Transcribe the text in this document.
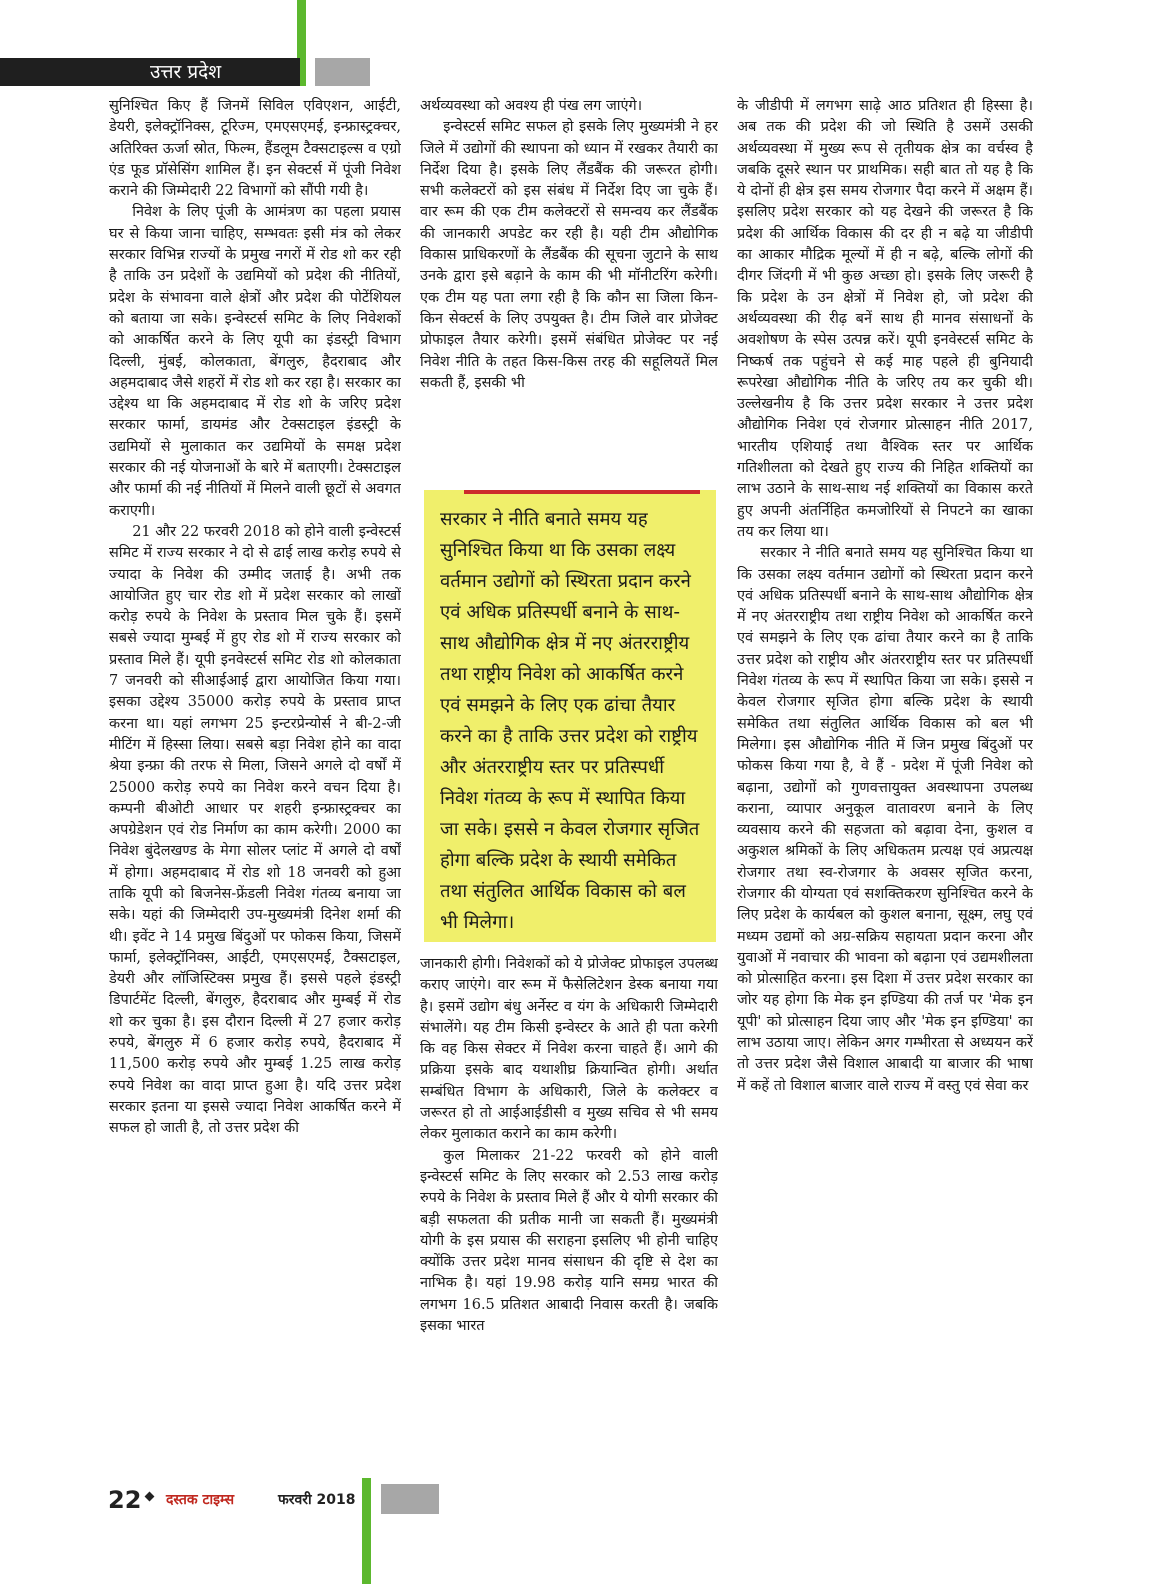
उत्तर प्रदेश

सुनिश्चित किए हैं जिनमें सिविल एविएशन, आईटी, डेयरी, इलेक्ट्रॉनिक्स, टूरिज्म, एमएसएमई, इन्फ्रास्ट्रक्चर, अतिरिक्त ऊर्जा स्रोत, फिल्म, हैंडलूम टैक्सटाइल्स व एग्रो एंड फूड प्रॉसेसिंग शामिल हैं। इन सेक्टर्स में पूंजी निवेश कराने की जिम्मेदारी 22 विभागों को सौंपी गयी है।

निवेश के लिए पूंजी के आमंत्रण का पहला प्रयास घर से किया जाना चाहिए, सम्भवतः इसी मंत्र को लेकर सरकार विभिन्न राज्यों के प्रमुख नगरों में रोड शो कर रही है ताकि उन प्रदेशों के उद्यमियों को प्रदेश की नीतियों, प्रदेश के संभावना वाले क्षेत्रों और प्रदेश की पोटेंशियल को बताया जा सके। इन्वेस्टर्स समिट के लिए निवेशकों को आकर्षित करने के लिए यूपी का इंडस्ट्री विभाग दिल्ली, मुंबई, कोलकाता, बेंगलुरु, हैदराबाद और अहमदाबाद जैसे शहरों में रोड शो कर रहा है। सरकार का उद्देश्य था कि अहमदाबाद में रोड शो के जरिए प्रदेश सरकार फार्मा, डायमंड और टेक्सटाइल इंडस्ट्री के उद्यमियों से मुलाकात कर उद्यमियों के समक्ष प्रदेश सरकार की नई योजनाओं के बारे में बताएगी। टेक्सटाइल और फार्मा की नई नीतियों में मिलने वाली छूटों से अवगत कराएगी।

21 और 22 फरवरी 2018 को होने वाली इन्वेस्टर्स समिट में राज्य सरकार ने दो से ढाई लाख करोड़ रुपये से ज्यादा के निवेश की उम्मीद जताई है। अभी तक आयोजित हुए चार रोड शो में प्रदेश सरकार को लाखों करोड़ रुपये के निवेश के प्रस्ताव मिल चुके हैं। इसमें सबसे ज्यादा मुम्बई में हुए रोड शो में राज्य सरकार को प्रस्ताव मिले हैं। यूपी इनवेस्टर्स समिट रोड शो कोलकाता 7 जनवरी को सीआईआई द्वारा आयोजित किया गया। इसका उद्देश्य 35000 करोड़ रुपये के प्रस्ताव प्राप्त करना था। यहां लगभग 25 इन्टरप्रेन्योर्स ने बी-2-जी मीटिंग में हिस्सा लिया। सबसे बड़ा निवेश होने का वादा श्रेया इन्फ्रा की तरफ से मिला, जिसने अगले दो वर्षों में 25000 करोड़ रुपये का निवेश करने वचन दिया है। कम्पनी बीओटी आधार पर शहरी इन्फ्रास्ट्रक्चर का अपग्रेडेशन एवं रोड निर्माण का काम करेगी। 2000 का निवेश बुंदेलखण्ड के मेगा सोलर प्लांट में अगले दो वर्षों में होगा। अहमदाबाद में रोड शो 18 जनवरी को हुआ ताकि यूपी को बिजनेस-फ्रेंडली निवेश गंतव्य बनाया जा सके। यहां की जिम्मेदारी उप-मुख्यमंत्री दिनेश शर्मा की थी। इवेंट ने 14 प्रमुख बिंदुओं पर फोकस किया, जिसमें फार्मा, इलेक्ट्रॉनिक्स, आईटी, एमएसएमई, टैक्सटाइल, डेयरी और लॉजिस्टिक्स प्रमुख हैं। इससे पहले इंडस्ट्री डिपार्टमेंट दिल्ली, बेंगलुरु, हैदराबाद और मुम्बई में रोड शो कर चुका है। इस दौरान दिल्ली में 27 हजार करोड़ रुपये, बेंगलुरु में 6 हजार करोड़ रुपये, हैदराबाद में 11,500 करोड़ रुपये और मुम्बई 1.25 लाख करोड़ रुपये निवेश का वादा प्राप्त हुआ है। यदि उत्तर प्रदेश सरकार इतना या इससे ज्यादा निवेश आकर्षित करने में सफल हो जाती है, तो उत्तर प्रदेश की

अर्थव्यवस्था को अवश्य ही पंख लग जाएंगे।

इन्वेस्टर्स समिट सफल हो इसके लिए मुख्यमंत्री ने हर जिले में उद्योगों की स्थापना को ध्यान में रखकर तैयारी का निर्देश दिया है। इसके लिए लैंडबैंक की जरूरत होगी। सभी कलेक्टरों को इस संबंध में निर्देश दिए जा चुके हैं। वार रूम की एक टीम कलेक्टरों से समन्वय कर लैंडबैंक की जानकारी अपडेट कर रही है। यही टीम औद्योगिक विकास प्राधिकरणों के लैंडबैंक की सूचना जुटाने के साथ उनके द्वारा इसे बढ़ाने के काम की भी मॉनीटरिंग करेगी। एक टीम यह पता लगा रही है कि कौन सा जिला किन-किन सेक्टर्स के लिए उपयुक्त है। टीम जिले वार प्रोजेक्ट प्रोफाइल तैयार करेगी। इसमें संबंधित प्रोजेक्ट पर नई निवेश नीति के तहत किस-किस तरह की सहूलियतें मिल सकती हैं, इसकी भी

सरकार ने नीति बनाते समय यह सुनिश्चित किया था कि उसका लक्ष्य वर्तमान उद्योगों को स्थिरता प्रदान करने एवं अधिक प्रतिस्पर्धी बनाने के साथ-साथ औद्योगिक क्षेत्र में नए अंतरराष्ट्रीय तथा राष्ट्रीय निवेश को आकर्षित करने एवं समझने के लिए एक ढांचा तैयार करने का है ताकि उत्तर प्रदेश को राष्ट्रीय और अंतरराष्ट्रीय स्तर पर प्रतिस्पर्धी निवेश गंतव्य के रूप में स्थापित किया जा सके। इससे न केवल रोजगार सृजित होगा बल्कि प्रदेश के स्थायी समेकित तथा संतुलित आर्थिक विकास को बल भी मिलेगा।

जानकारी होगी। निवेशकों को ये प्रोजेक्ट प्रोफाइल उपलब्ध कराए जाएंगे। वार रूम में फैसेलिटेशन डेस्क बनाया गया है। इसमें उद्योग बंधु अर्नेस्ट व यंग के अधिकारी जिम्मेदारी संभालेंगे। यह टीम किसी इन्वेस्टर के आते ही पता करेगी कि वह किस सेक्टर में निवेश करना चाहते हैं। आगे की प्रक्रिया इसके बाद यथाशीघ्र क्रियान्वित होगी। अर्थात सम्बंधित विभाग के अधिकारी, जिले के कलेक्टर व जरूरत हो तो आईआईडीसी व मुख्य सचिव से भी समय लेकर मुलाकात कराने का काम करेगी।

कुल मिलाकर 21-22 फरवरी को होने वाली इन्वेस्टर्स समिट के लिए सरकार को 2.53 लाख करोड़ रुपये के निवेश के प्रस्ताव मिले हैं और ये योगी सरकार की बड़ी सफलता की प्रतीक मानी जा सकती हैं। मुख्यमंत्री योगी के इस प्रयास की सराहना इसलिए भी होनी चाहिए क्योंकि उत्तर प्रदेश मानव संसाधन की दृष्टि से देश का नाभिक है। यहां 19.98 करोड़ यानि समग्र भारत की लगभग 16.5 प्रतिशत आबादी निवास करती है। जबकि इसका भारत

के जीडीपी में लगभग साढ़े आठ प्रतिशत ही हिस्सा है। अब तक की प्रदेश की जो स्थिति है उसमें उसकी अर्थव्यवस्था में मुख्य रूप से तृतीयक क्षेत्र का वर्चस्व है जबकि दूसरे स्थान पर प्राथमिक। सही बात तो यह है कि ये दोनों ही क्षेत्र इस समय रोजगार पैदा करने में अक्षम हैं। इसलिए प्रदेश सरकार को यह देखने की जरूरत है कि प्रदेश की आर्थिक विकास की दर ही न बढ़े या जीडीपी का आकार मौद्रिक मूल्यों में ही न बढ़े, बल्कि लोगों की दीगर जिंदगी में भी कुछ अच्छा हो। इसके लिए जरूरी है कि प्रदेश के उन क्षेत्रों में निवेश हो, जो प्रदेश की अर्थव्यवस्था की रीढ़ बनें साथ ही मानव संसाधनों के अवशोषण के स्पेस उत्पन्न करें। यूपी इनवेस्टर्स समिट के निष्कर्ष तक पहुंचने से कई माह पहले ही बुनियादी रूपरेखा औद्योगिक नीति के जरिए तय कर चुकी थी। उल्लेखनीय है कि उत्तर प्रदेश सरकार ने उत्तर प्रदेश औद्योगिक निवेश एवं रोजगार प्रोत्साहन नीति 2017, भारतीय एशियाई तथा वैश्विक स्तर पर आर्थिक गतिशीलता को देखते हुए राज्य की निहित शक्तियों का लाभ उठाने के साथ-साथ नई शक्तियों का विकास करते हुए अपनी अंतर्निहित कमजोरियों से निपटने का खाका तय कर लिया था।

सरकार ने नीति बनाते समय यह सुनिश्चित किया था कि उसका लक्ष्य वर्तमान उद्योगों को स्थिरता प्रदान करने एवं अधिक प्रतिस्पर्धी बनाने के साथ-साथ औद्योगिक क्षेत्र में नए अंतरराष्ट्रीय तथा राष्ट्रीय निवेश को आकर्षित करने एवं समझने के लिए एक ढांचा तैयार करने का है ताकि उत्तर प्रदेश को राष्ट्रीय और अंतरराष्ट्रीय स्तर पर प्रतिस्पर्धी निवेश गंतव्य के रूप में स्थापित किया जा सके। इससे न केवल रोजगार सृजित होगा बल्कि प्रदेश के स्थायी समेकित तथा संतुलित आर्थिक विकास को बल भी मिलेगा। इस औद्योगिक नीति में जिन प्रमुख बिंदुओं पर फोकस किया गया है, वे हैं - प्रदेश में पूंजी निवेश को बढ़ाना, उद्योगों को गुणवत्तायुक्त अवस्थापना उपलब्ध कराना, व्यापार अनुकूल वातावरण बनाने के लिए व्यवसाय करने की सहजता को बढ़ावा देना, कुशल व अकुशल श्रमिकों के लिए अधिकतम प्रत्यक्ष एवं अप्रत्यक्ष रोजगार तथा स्व-रोजगार के अवसर सृजित करना, रोजगार की योग्यता एवं सशक्तिकरण सुनिश्चित करने के लिए प्रदेश के कार्यबल को कुशल बनाना, सूक्ष्म, लघु एवं मध्यम उद्यमों को अग्र-सक्रिय सहायता प्रदान करना और युवाओं में नवाचार की भावना को बढ़ाना एवं उद्यमशीलता को प्रोत्साहित करना। इस दिशा में उत्तर प्रदेश सरकार का जोर यह होगा कि मेक इन इण्डिया की तर्ज पर 'मेक इन यूपी' को प्रोत्साहन दिया जाए और 'मेक इन इण्डिया' का लाभ उठाया जाए। लेकिन अगर गम्भीरता से अध्ययन करें तो उत्तर प्रदेश जैसे विशाल आबादी या बाजार की भाषा में कहें तो विशाल बाजार वाले राज्य में वस्तु एवं सेवा कर

22 दस्तक टाइम्स	फरवरी 2018
